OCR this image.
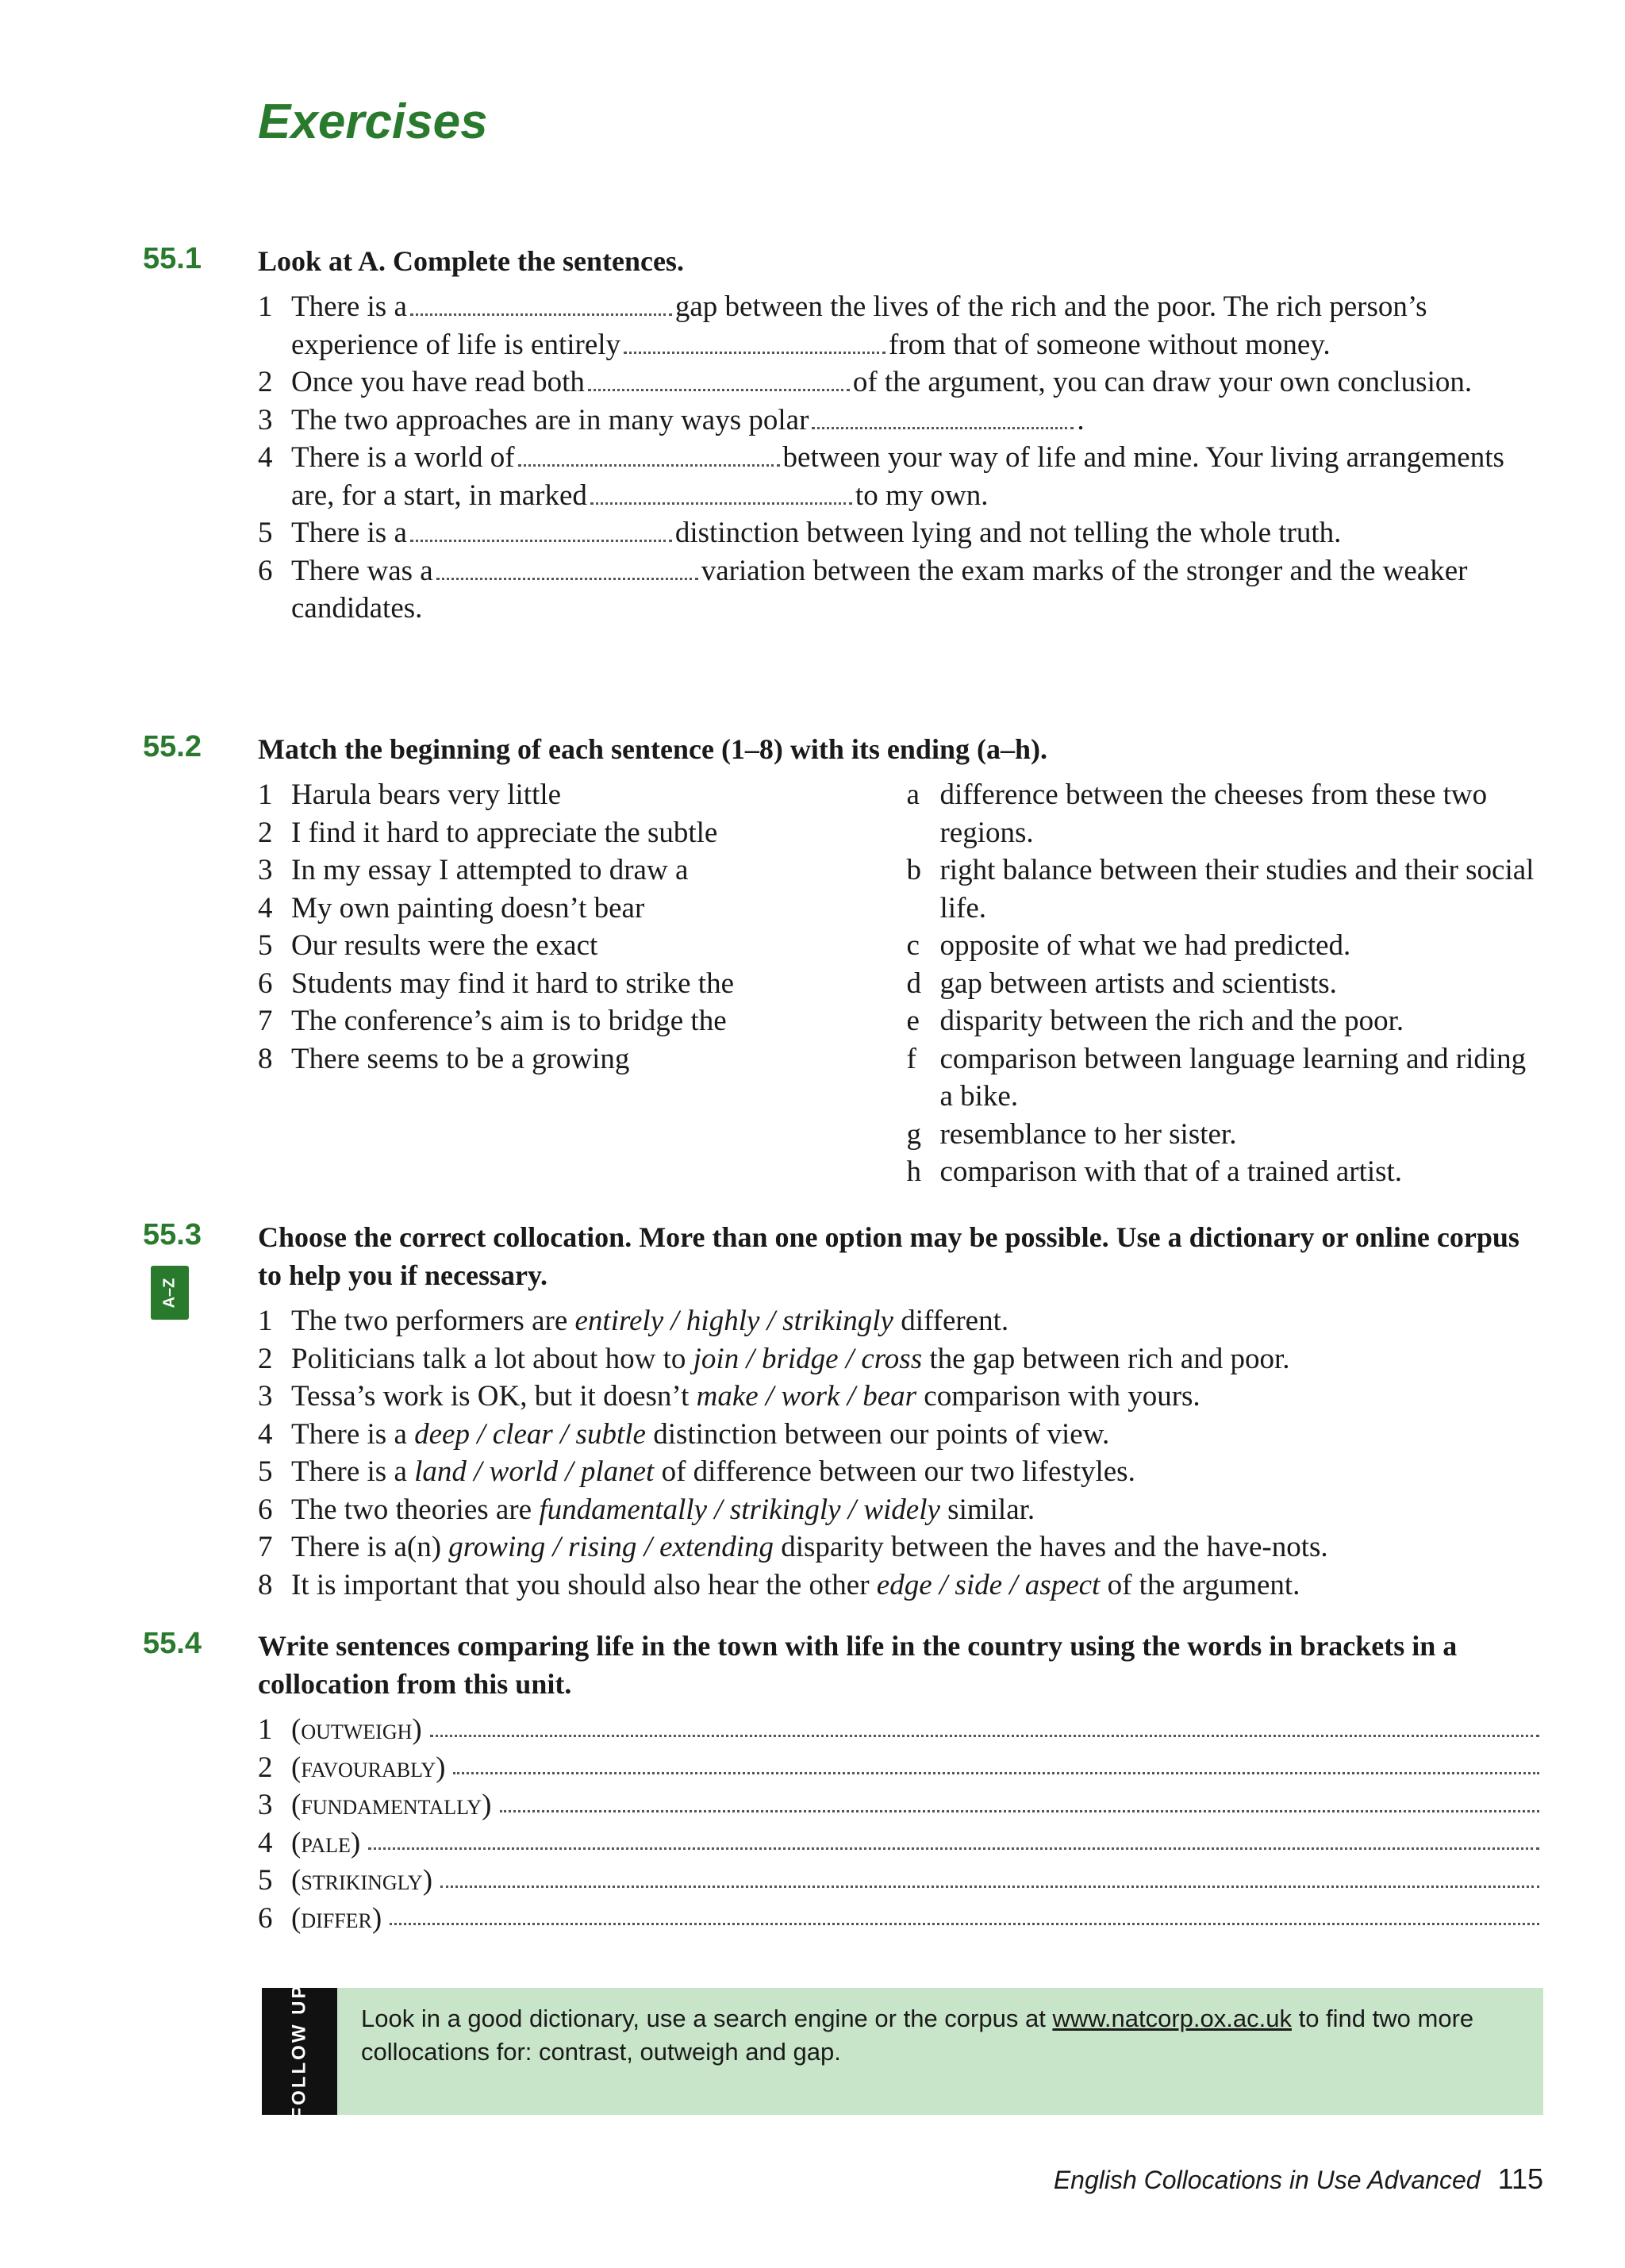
Exercises
55.1 Look at A. Complete the sentences.
1 There is a	gap between the lives of the rich and the poor. The rich person’s experience of life is entirely	from that of someone without money.
2 Once you have read both	of the argument, you can draw your own conclusion.
3 The two approaches are in many ways polar	.
4 There is a world of	between your way of life and mine. Your living arrangements are, for a start, in marked	to my own.
5 There is a	distinction between lying and not telling the whole truth.
6 There was a	variation between the exam marks of the stronger and the weaker candidates.
55.2 Match the beginning of each sentence (1–8) with its ending (a–h).
1 Harula bears very little
2 I find it hard to appreciate the subtle
3 In my essay I attempted to draw a
4 My own painting doesn’t bear
5 Our results were the exact
6 Students may find it hard to strike the
7 The conference’s aim is to bridge the
8 There seems to be a growing
a difference between the cheeses from these two regions.
b right balance between their studies and their social life.
c opposite of what we had predicted.
d gap between artists and scientists.
e disparity between the rich and the poor.
f comparison between language learning and riding a bike.
g resemblance to her sister.
h comparison with that of a trained artist.
55.3
A–Z
Choose the correct collocation. More than one option may be possible. Use a dictionary or online corpus to help you if necessary.
1 The two performers are entirely / highly / strikingly different.
2 Politicians talk a lot about how to join / bridge / cross the gap between rich and poor.
3 Tessa’s work is OK, but it doesn’t make / work / bear comparison with yours.
4 There is a deep / clear / subtle distinction between our points of view.
5 There is a land / world / planet of difference between our two lifestyles.
6 The two theories are fundamentally / strikingly / widely similar.
7 There is a(n) growing / rising / extending disparity between the haves and the have-nots.
8 It is important that you should also hear the other edge / side / aspect of the argument.
55.4 Write sentences comparing life in the town with life in the country using the words in brackets in a collocation from this unit.
1 (outweigh)
2 (favourably)
3 (fundamentally)
4 (pale)
5 (strikingly)
6 (differ)
FOLLOW UP	Look in a good dictionary, use a search engine or the corpus at www.natcorp.ox.ac.uk to find two more collocations for: contrast, outweigh and gap.
English Collocations in Use Advanced 115
